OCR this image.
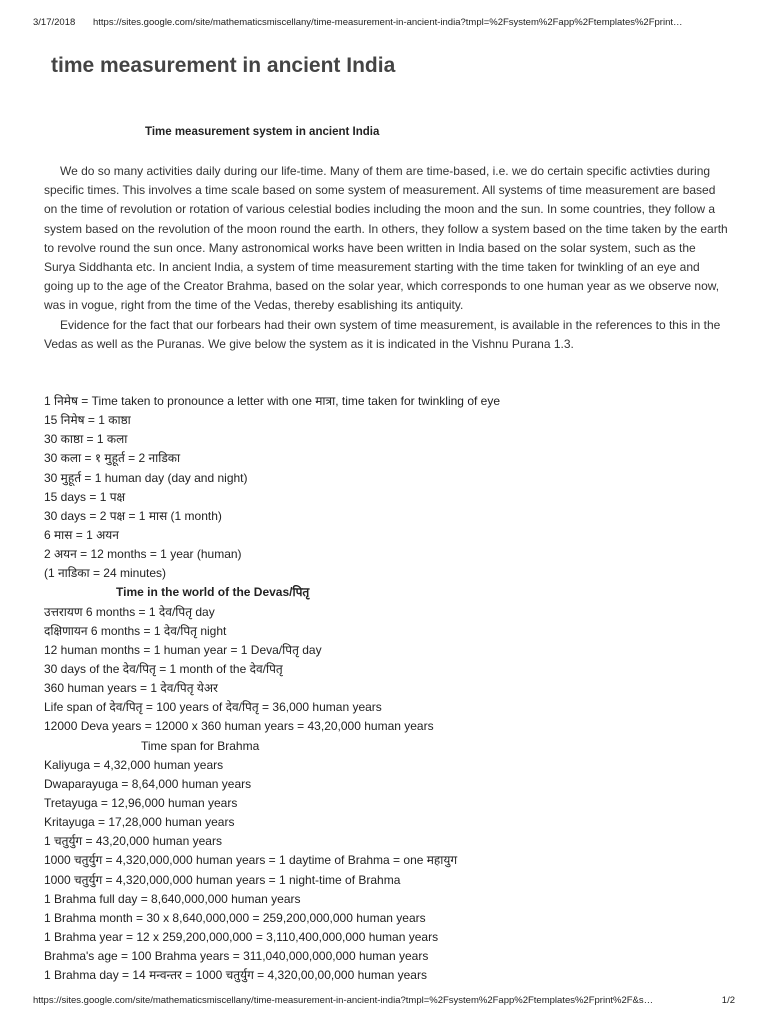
3/17/2018 https://sites.google.com/site/mathematicsmiscellany/time-measurement-in-ancient-india?tmpl=%2Fsystem%2Fapp%2Ftemplates%2Fprint…
time measurement in ancient India
Time measurement system in ancient India

We do so many activities daily during our life-time. Many of them are time-based, i.e. we do certain specific activties during specific times. This involves a time scale based on some system of measurement. All systems of time measurement are based on the time of revolution or rotation of various celestial bodies including the moon and the sun. In some countries, they follow a system based on the revolution of the moon round the earth. In others, they follow a system based on the time taken by the earth to revolve round the sun once. Many astronomical works have been written in India based on the solar system, such as the Surya Siddhanta etc. In ancient India, a system of time measurement starting with the time taken for twinkling of an eye and going up to the age of the Creator Brahma, based on the solar year, which corresponds to one human year as we observe now, was in vogue, right from the time of the Vedas, thereby esablishing its antiquity.

Evidence for the fact that our forbears had their own system of time measurement, is available in the references to this in the Vedas as well as the Puranas. We give below the system as it is indicated in the Vishnu Purana 1.3.

1 निमेष = Time taken to pronounce a letter with one मात्रा, time taken for twinkling of eye
15 निमेष = 1 काष्ठा
30 काष्ठा = 1 कला
30 कला = १ मुहूर्त = 2 नाडिका
30 मुहूर्त = 1 human day (day and night)
15 days = 1 पक्ष
30 days = 2 पक्ष = 1 मास (1 month)
6 मास = 1 अयन
2 अयन = 12 months = 1 year (human)
(1 नाडिका = 24 minutes)
Time in the world of the Devas/पितृ
उत्तरायण 6 months = 1 देव/पितृ day
दक्षिणायन 6 months = 1 देव/पितृ night
12 human months = 1 human year = 1 Deva/पितृ day
30 days of the देव/पितृ = 1 month of the देव/पितृ
360 human years = 1 देव/पितृ येअर
Life span of देव/पितृ = 100 years of देव/पितृ = 36,000 human years
12000 Deva years = 12000 x 360 human years = 43,20,000 human years
Time span for Brahma
Kaliyuga = 4,32,000 human years
Dwaparayuga = 8,64,000 human years
Tretayuga = 12,96,000 human years
Kritayuga = 17,28,000 human years
1 चतुर्युग = 43,20,000 human years
1000 चतुर्युग = 4,320,000,000 human years = 1 daytime of Brahma = one महायुग
1000 चतुर्युग = 4,320,000,000 human years = 1 night-time of Brahma
1 Brahma full day = 8,640,000,000 human years
1 Brahma month = 30 x 8,640,000,000 = 259,200,000,000 human years
1 Brahma year = 12 x 259,200,000,000 = 3,110,400,000,000 human years
Brahma's age = 100 Brahma years = 311,040,000,000,000 human years
1 Brahma day = 14 मन्वन्तर = 1000 चतुर्युग = 4,320,00,00,000 human years
https://sites.google.com/site/mathematicsmiscellany/time-measurement-in-ancient-india?tmpl=%2Fsystem%2Fapp%2Ftemplates%2Fprint%2F&s…	1/2
